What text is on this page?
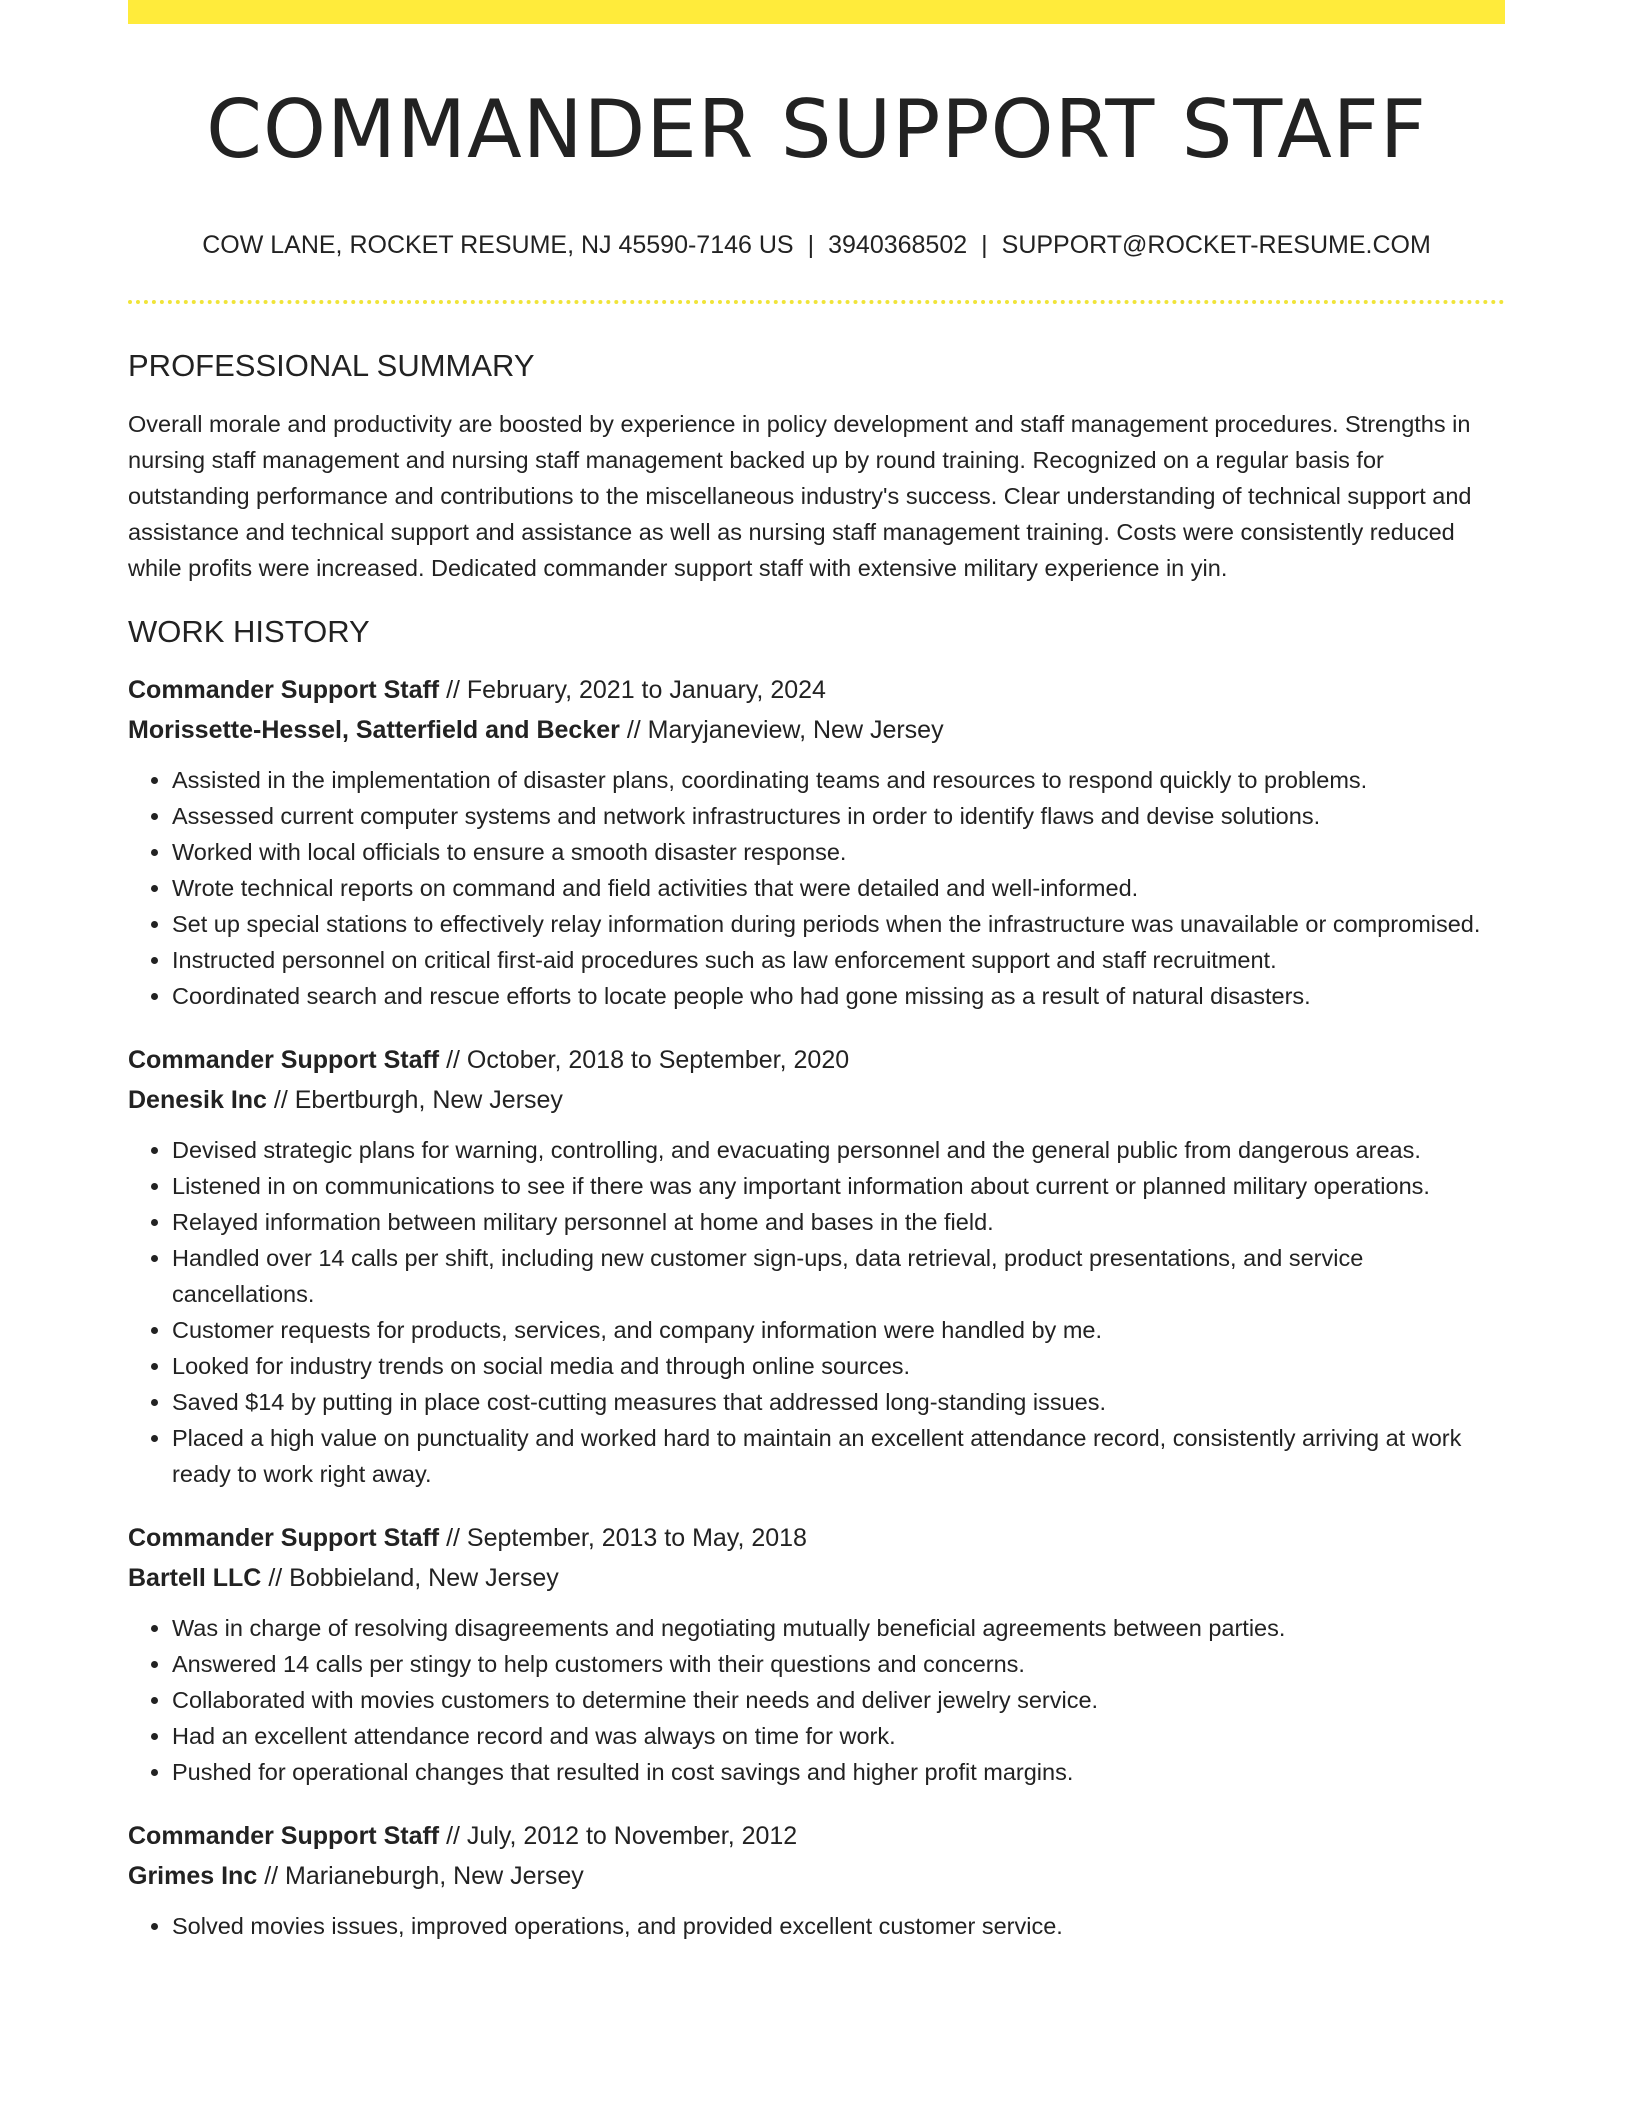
COMMANDER SUPPORT STAFF
COW LANE, ROCKET RESUME, NJ 45590-7146 US | 3940368502 | SUPPORT@ROCKET-RESUME.COM
PROFESSIONAL SUMMARY
Overall morale and productivity are boosted by experience in policy development and staff management procedures. Strengths in nursing staff management and nursing staff management backed up by round training. Recognized on a regular basis for outstanding performance and contributions to the miscellaneous industry's success. Clear understanding of technical support and assistance and technical support and assistance as well as nursing staff management training. Costs were consistently reduced while profits were increased. Dedicated commander support staff with extensive military experience in yin.
WORK HISTORY
Commander Support Staff // February, 2021 to January, 2024
Morissette-Hessel, Satterfield and Becker // Maryjaneview, New Jersey
• Assisted in the implementation of disaster plans, coordinating teams and resources to respond quickly to problems.
• Assessed current computer systems and network infrastructures in order to identify flaws and devise solutions.
• Worked with local officials to ensure a smooth disaster response.
• Wrote technical reports on command and field activities that were detailed and well-informed.
• Set up special stations to effectively relay information during periods when the infrastructure was unavailable or compromised.
• Instructed personnel on critical first-aid procedures such as law enforcement support and staff recruitment.
• Coordinated search and rescue efforts to locate people who had gone missing as a result of natural disasters.
Commander Support Staff // October, 2018 to September, 2020
Denesik Inc // Ebertburgh, New Jersey
• Devised strategic plans for warning, controlling, and evacuating personnel and the general public from dangerous areas.
• Listened in on communications to see if there was any important information about current or planned military operations.
• Relayed information between military personnel at home and bases in the field.
• Handled over 14 calls per shift, including new customer sign-ups, data retrieval, product presentations, and service cancellations.
• Customer requests for products, services, and company information were handled by me.
• Looked for industry trends on social media and through online sources.
• Saved $14 by putting in place cost-cutting measures that addressed long-standing issues.
• Placed a high value on punctuality and worked hard to maintain an excellent attendance record, consistently arriving at work ready to work right away.
Commander Support Staff // September, 2013 to May, 2018
Bartell LLC // Bobbieland, New Jersey
• Was in charge of resolving disagreements and negotiating mutually beneficial agreements between parties.
• Answered 14 calls per stingy to help customers with their questions and concerns.
• Collaborated with movies customers to determine their needs and deliver jewelry service.
• Had an excellent attendance record and was always on time for work.
• Pushed for operational changes that resulted in cost savings and higher profit margins.
Commander Support Staff // July, 2012 to November, 2012
Grimes Inc // Marianeburgh, New Jersey
• Solved movies issues, improved operations, and provided excellent customer service.
